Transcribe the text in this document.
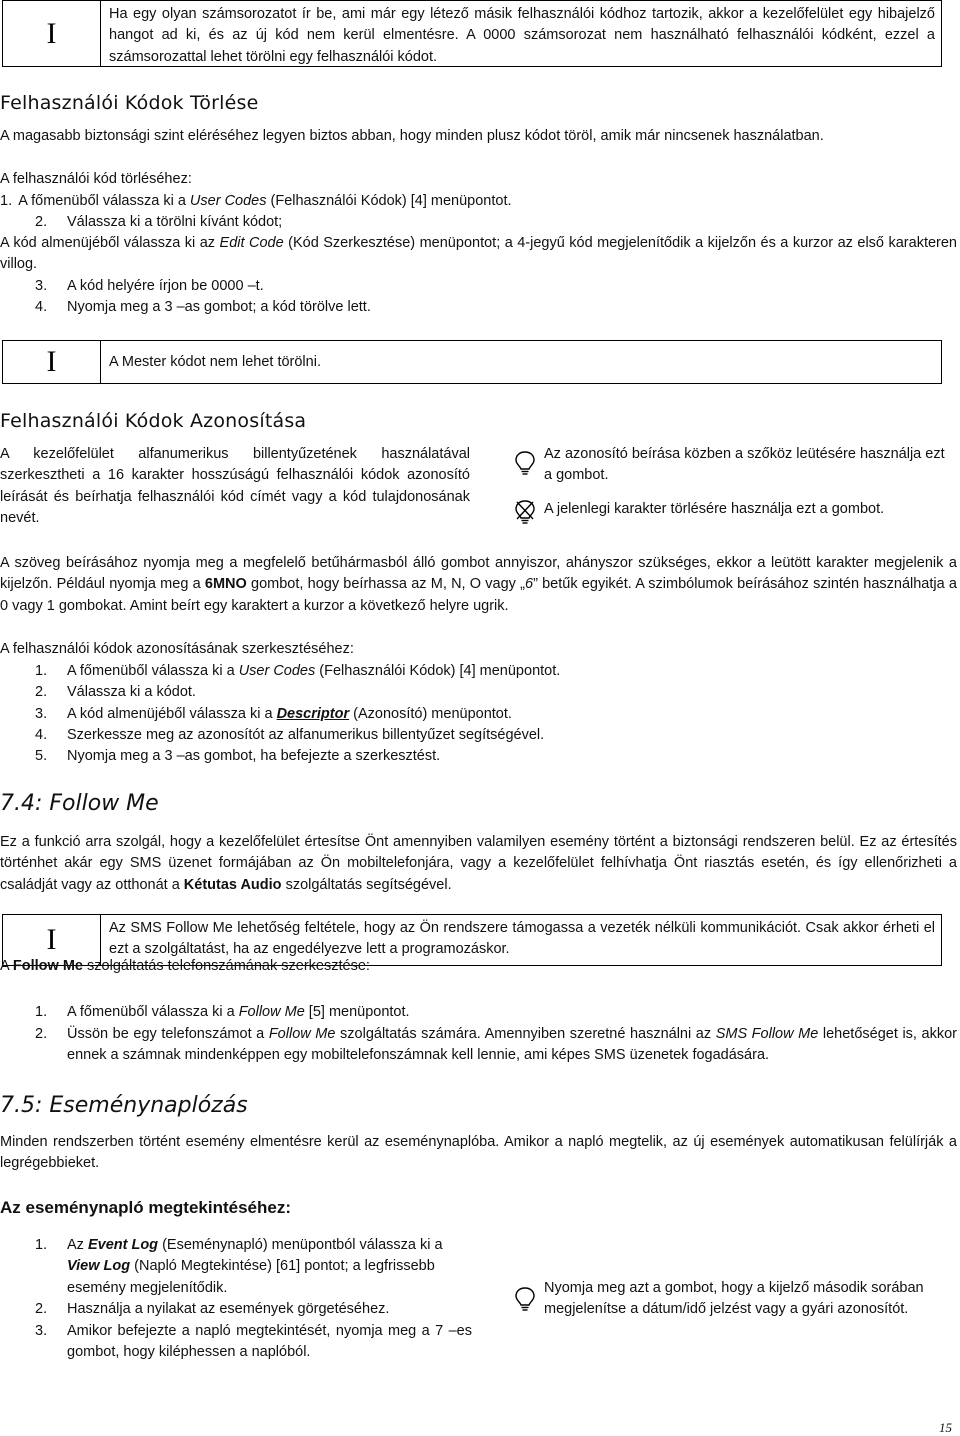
I
Ha egy olyan számsorozatot ír be, ami már egy létező másik felhasználói kódhoz tartozik, akkor a kezelőfelület egy hibajelző hangot ad ki, és az új kód nem kerül elmentésre. A 0000 számsorozat nem használható felhasználói kódként, ezzel a számsorozattal lehet törölni egy felhasználói kódot.
Felhasználói Kódok Törlése

A magasabb biztonsági szint eléréséhez legyen biztos abban, hogy minden plusz kódot töröl, amik már nincsenek használatban.

A felhasználói kód törléséhez:

1. A főmenüből válassza ki a User Codes (Felhasználói Kódok) [4] menüpontot.
2. Válassza ki a törölni kívánt kódot;

A kód almenüjéből válassza ki az Edit Code (Kód Szerkesztése) menüpontot; a 4-jegyű kód megjelenítődik a kijelzőn és a kurzor az első karakteren villog.

3. A kód helyére írjon be 0000 –t.
4. Nyomja meg a 3 –as gombot; a kód törölve lett.
I	A Mester kódot nem lehet törölni.
Felhasználói Kódok Azonosítása

A kezelőfelület alfanumerikus billentyűzetének használatával szerkesztheti a 16 karakter hosszúságú felhasználói kódok azonosító leírását és beírhatja felhasználói kód címét vagy a kód tulajdonosának nevét.

Az azonosító beírása közben a szőköz leütésére használja ezt a gombot.

A jelenlegi karakter törlésére használja ezt a gombot.

A szöveg beírásához nyomja meg a megfelelő betűhármasból álló gombot annyiszor, ahányszor szükséges, ekkor a leütött karakter megjelenik a kijelzőn. Például nyomja meg a 6MNO gombot, hogy beírhassa az M, N, O vagy „6” betűk egyikét. A szimbólumok beírásához szintén használhatja a 0 vagy 1 gombokat. Amint beírt egy karaktert a kurzor a következő helyre ugrik.

A felhasználói kódok azonosításának szerkesztéséhez:

1. A főmenüből válassza ki a User Codes (Felhasználói Kódok) [4] menüpontot.
2. Válassza ki a kódot.
3. A kód almenüjéből válassza ki a Descriptor (Azonosító) menüpontot.
4. Szerkessze meg az azonosítót az alfanumerikus billentyűzet segítségével.
5. Nyomja meg a 3 –as gombot, ha befejezte a szerkesztést.
7.4: Follow Me

Ez a funkció arra szolgál, hogy a kezelőfelület értesítse Önt amennyiben valamilyen esemény történt a biztonsági rendszeren belül. Ez az értesítés történhet akár egy SMS üzenet formájában az Ön mobiltelefonjára, vagy a kezelőfelület felhívhatja Önt riasztás esetén, és így ellenőrizheti a családját vagy az otthonát a Kétutas Audio szolgáltatás segítségével.

I	Az SMS Follow Me lehetőség feltétele, hogy az Ön rendszere támogassa a vezeték nélküli kommunikációt. Csak akkor érheti el ezt a szolgáltatást, ha az engedélyezve lett a programozáskor.

A Follow Me szolgáltatás telefonszámának szerkesztése:

1. A főmenüből válassza ki a Follow Me [5] menüpontot.
2. Üssön be egy telefonszámot a Follow Me szolgáltatás számára. Amennyiben szeretné használni az SMS Follow Me lehetőséget is, akkor ennek a számnak mindenképpen egy mobiltelefonszámnak kell lennie, ami képes SMS üzenetek fogadására.

7.5: Eseménynaplózás

Minden rendszerben történt esemény elmentésre kerül az eseménynaplóba. Amikor a napló megtelik, az új események automatikusan felülírják a legrégebbieket.

Az eseménynapló megtekintéséhez:
1. Az Event Log (Eseménynapló) menüpontból válassza ki a View Log (Napló Megtekintése) [61] pontot; a legfrissebb esemény megjelenítődik.

2. Használja a nyilakat az események görgetéséhez.
3. Amikor befejezte a napló megtekintését, nyomja meg a 7 –es gombot, hogy kiléphessen a naplóból.

Nyomja meg azt a gombot, hogy a kijelző második sorában megjelenítse a dátum/idő jelzést vagy a gyári azonosítót.

15
